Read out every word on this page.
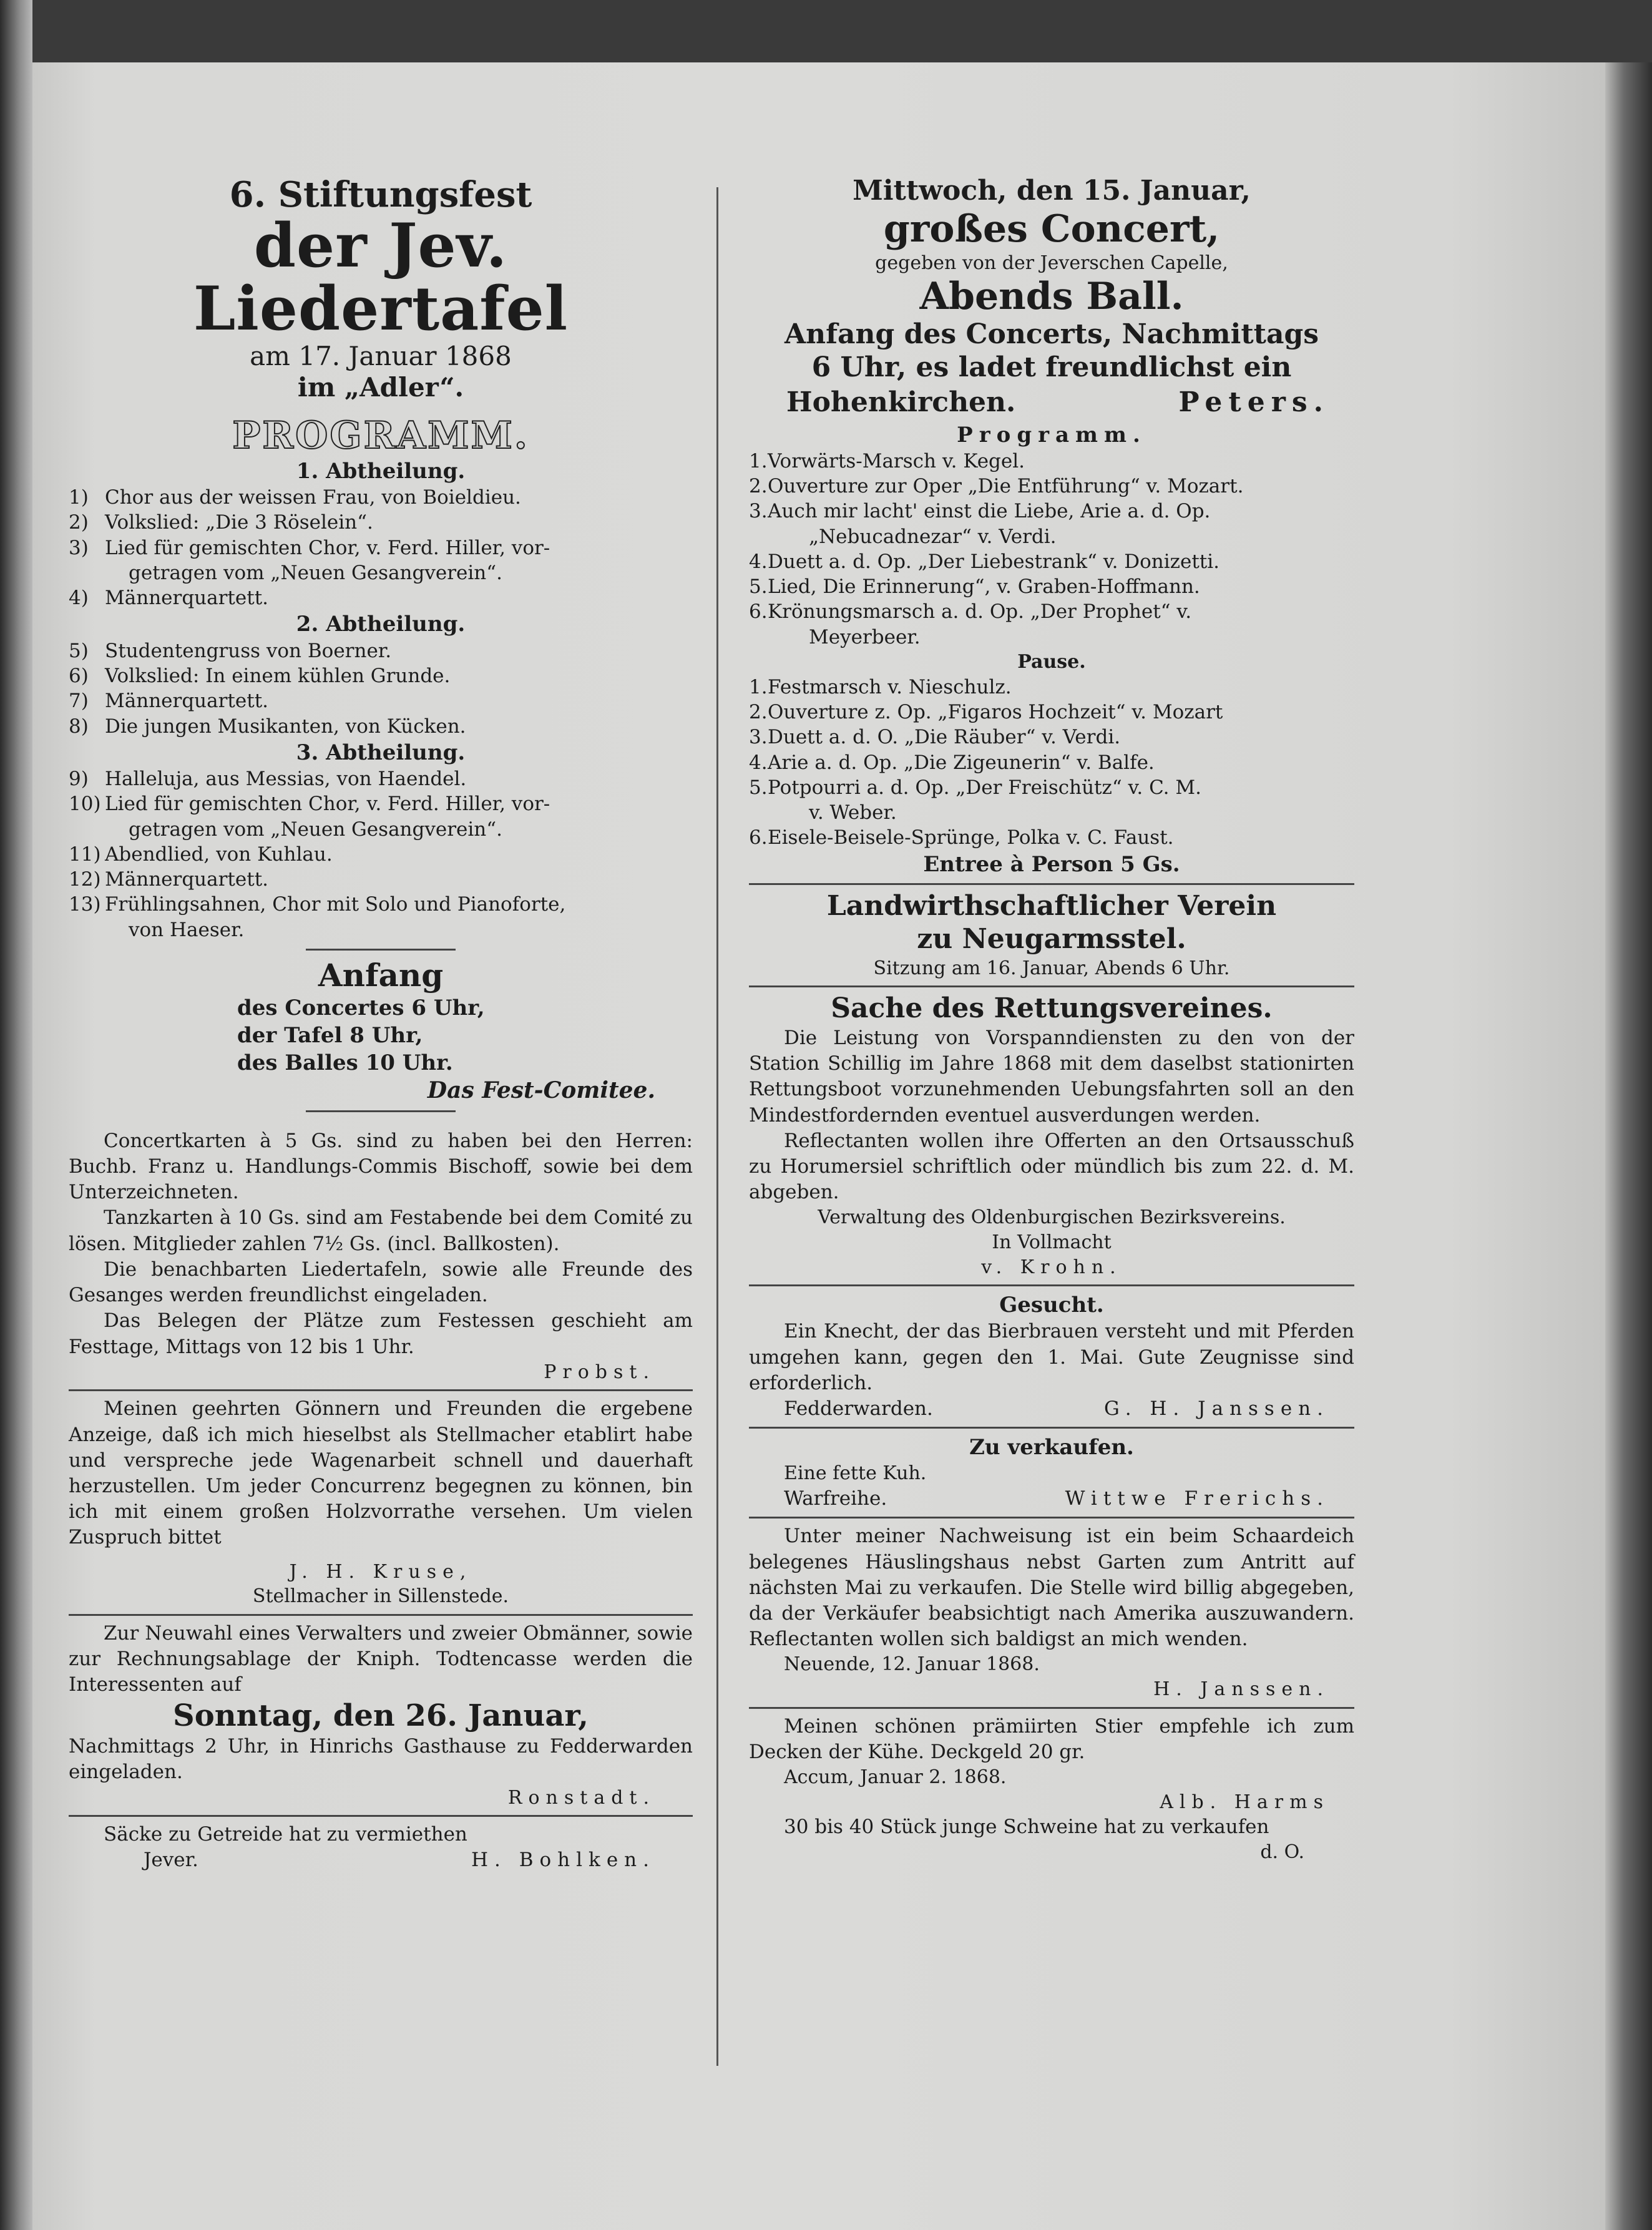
6. Stiftungsfest
der Jev. Liedertafel
am 17. Januar 1868
im „Adler“.
PROGRAMM.
1. Abtheilung.
1) Chor aus der weissen Frau, von Boieldieu.
2) Volkslied: „Die 3 Röselein“.
3) Lied für gemischten Chor, v. Ferd. Hiller, vor-
getragen vom „Neuen Gesangverein“.
4) Männerquartett.
2. Abtheilung.
5) Studentengruss von Boerner.
6) Volkslied: In einem kühlen Grunde.
7) Männerquartett.
8) Die jungen Musikanten, von Kücken.
3. Abtheilung.
9) Halleluja, aus Messias, von Haendel.
10) Lied für gemischten Chor, v. Ferd. Hiller, vor-
getragen vom „Neuen Gesangverein“.
11) Abendlied, von Kuhlau.
12) Männerquartett.
13) Frühlingsahnen, Chor mit Solo und Pianoforte,
von Haeser.
Anfang
des Concertes 6 Uhr,
der Tafel 8 Uhr,
des Balles 10 Uhr.
Das Fest-Comitee.
Concertkarten à 5 Gs. sind zu haben bei den Herren: Buchb. Franz u. Handlungs-Commis Bischoff, sowie bei dem Unterzeichneten.
Tanzkarten à 10 Gs. sind am Festabende bei dem Comité zu lösen. Mitglieder zahlen 7½ Gs. (incl. Ballkosten).
Die benachbarten Liedertafeln, sowie alle Freunde des Gesanges werden freundlichst eingeladen.
Das Belegen der Plätze zum Festessen geschieht am Festtage, Mittags von 12 bis 1 Uhr.
Probst.
Meinen geehrten Gönnern und Freunden die ergebene Anzeige, daß ich mich hieselbst als Stellmacher etablirt habe und verspreche jede Wagenarbeit schnell und dauerhaft herzustellen. Um jeder Concurrenz begegnen zu können, bin ich mit einem großen Holzvorrathe versehen. Um vielen Zuspruch bittet
J. H. Kruse,
Stellmacher in Sillenstede.
Zur Neuwahl eines Verwalters und zweier Obmänner, sowie zur Rechnungsablage der Kniph. Todtencasse werden die Interessenten auf
Sonntag, den 26. Januar,
Nachmittags 2 Uhr, in Hinrichs Gasthause zu Fedderwarden eingeladen.
Ronstadt.
Säcke zu Getreide hat zu vermiethen
Jever.	H. Bohlken.
Mittwoch, den 15. Januar,
großes Concert,
gegeben von der Jeverschen Capelle,
Abends Ball.
Anfang des Concerts, Nachmittags
6 Uhr, es ladet freundlichst ein
Hohenkirchen.	Peters.
Programm.
1. Vorwärts-Marsch v. Kegel.
2. Ouverture zur Oper „Die Entführung“ v. Mozart.
3. Auch mir lacht' einst die Liebe, Arie a. d. Op.
„Nebucadnezar“ v. Verdi.
4. Duett a. d. Op. „Der Liebestrank“ v. Donizetti.
5. Lied, Die Erinnerung“, v. Graben-Hoffmann.
6. Krönungsmarsch a. d. Op. „Der Prophet“ v.
Meyerbeer.
Pause.
1. Festmarsch v. Nieschulz.
2. Ouverture z. Op. „Figaros Hochzeit“ v. Mozart
3. Duett a. d. O. „Die Räuber“ v. Verdi.
4. Arie a. d. Op. „Die Zigeunerin“ v. Balfe.
5. Potpourri a. d. Op. „Der Freischütz“ v. C. M.
v. Weber.
6. Eisele-Beisele-Sprünge, Polka v. C. Faust.
Entree à Person 5 Gs.
Landwirthschaftlicher Verein
zu Neugarmsstel.
Sitzung am 16. Januar, Abends 6 Uhr.
Sache des Rettungsvereines.
Die Leistung von Vorspanndiensten zu den von der Station Schillig im Jahre 1868 mit dem daselbst stationirten Rettungsboot vorzunehmenden Uebungsfahrten soll an den Mindestfordernden eventuel ausverdungen werden.
Reflectanten wollen ihre Offerten an den Ortsausschuß zu Horumersiel schriftlich oder mündlich bis zum 22. d. M. abgeben.
Verwaltung des Oldenburgischen Bezirksvereins.
In Vollmacht
v. Krohn.
Gesucht.
Ein Knecht, der das Bierbrauen versteht und mit Pferden umgehen kann, gegen den 1. Mai. Gute Zeugnisse sind erforderlich.
Fedderwarden.	G. H. Janssen.
Zu verkaufen.
Eine fette Kuh.
Warfreihe.	Wittwe Frerichs.
Unter meiner Nachweisung ist ein beim Schaardeich belegenes Häuslingshaus nebst Garten zum Antritt auf nächsten Mai zu verkaufen. Die Stelle wird billig abgegeben, da der Verkäufer beabsichtigt nach Amerika auszuwandern. Reflectanten wollen sich baldigst an mich wenden.
Neuende, 12. Januar 1868.
H. Janssen.
Meinen schönen prämiirten Stier empfehle ich zum Decken der Kühe. Deckgeld 20 gr.
Accum, Januar 2. 1868.
Alb. Harms
30 bis 40 Stück junge Schweine hat zu verkaufen
d. O.
